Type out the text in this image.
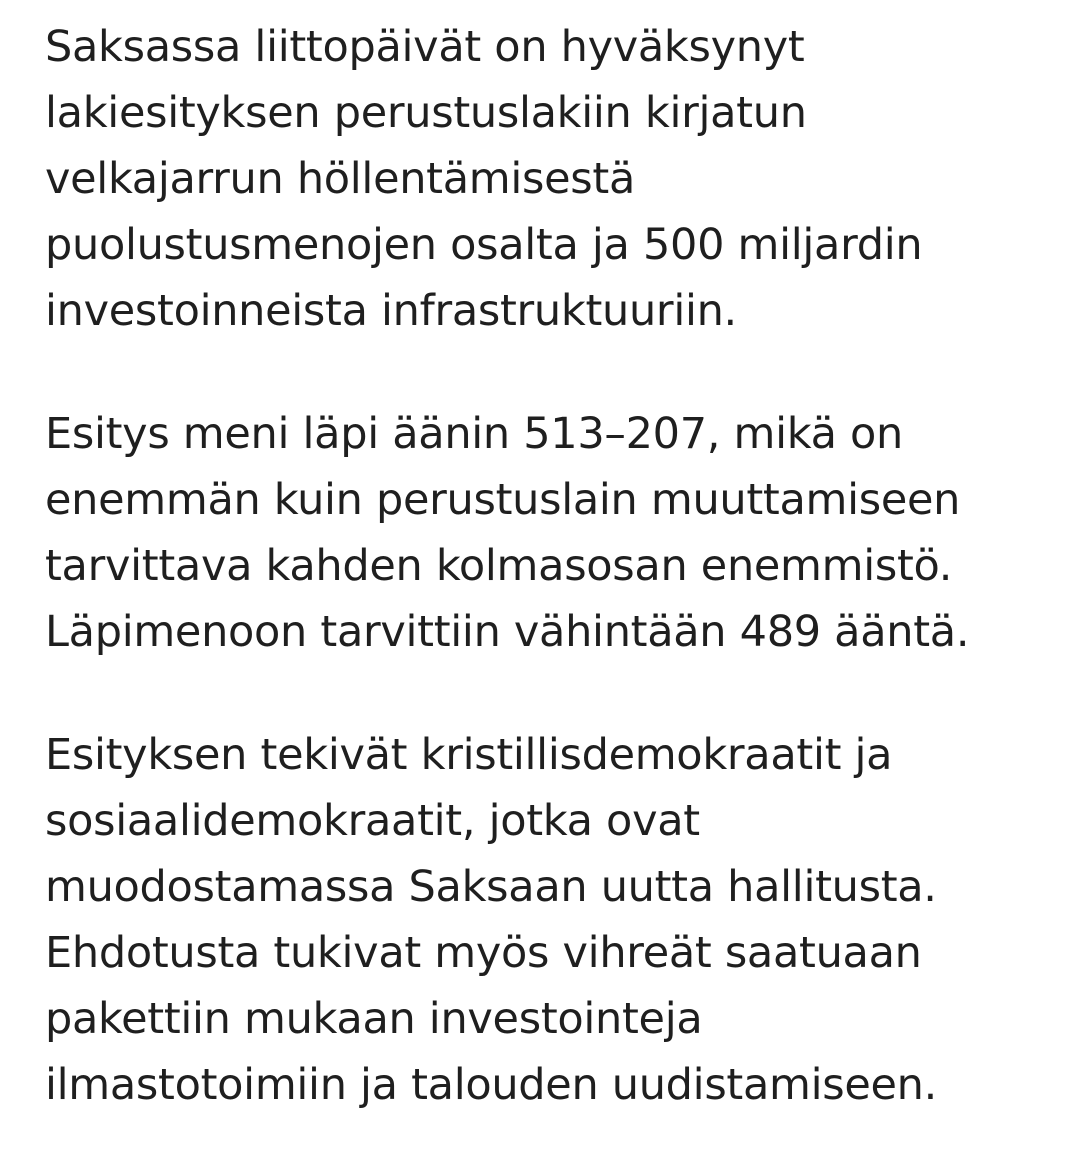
Saksassa liittopäivät on hyväksynyt
lakiesityksen perustuslakiin kirjatun
velkajarrun höllentämisestä
puolustusmenojen osalta ja 500 miljardin
investoinneista infrastruktuuriin.

Esitys meni läpi äänin 513–207, mikä on
enemmän kuin perustuslain muuttamiseen
tarvittava kahden kolmasosan enemmistö.
Läpimenoon tarvittiin vähintään 489 ääntä.

Esityksen tekivät kristillisdemokraatit ja
sosiaalidemokraatit, jotka ovat
muodostamassa Saksaan uutta hallitusta.
Ehdotusta tukivat myös vihreät saatuaan
pakettiin mukaan investointeja
ilmastotoimiin ja talouden uudistamiseen.
